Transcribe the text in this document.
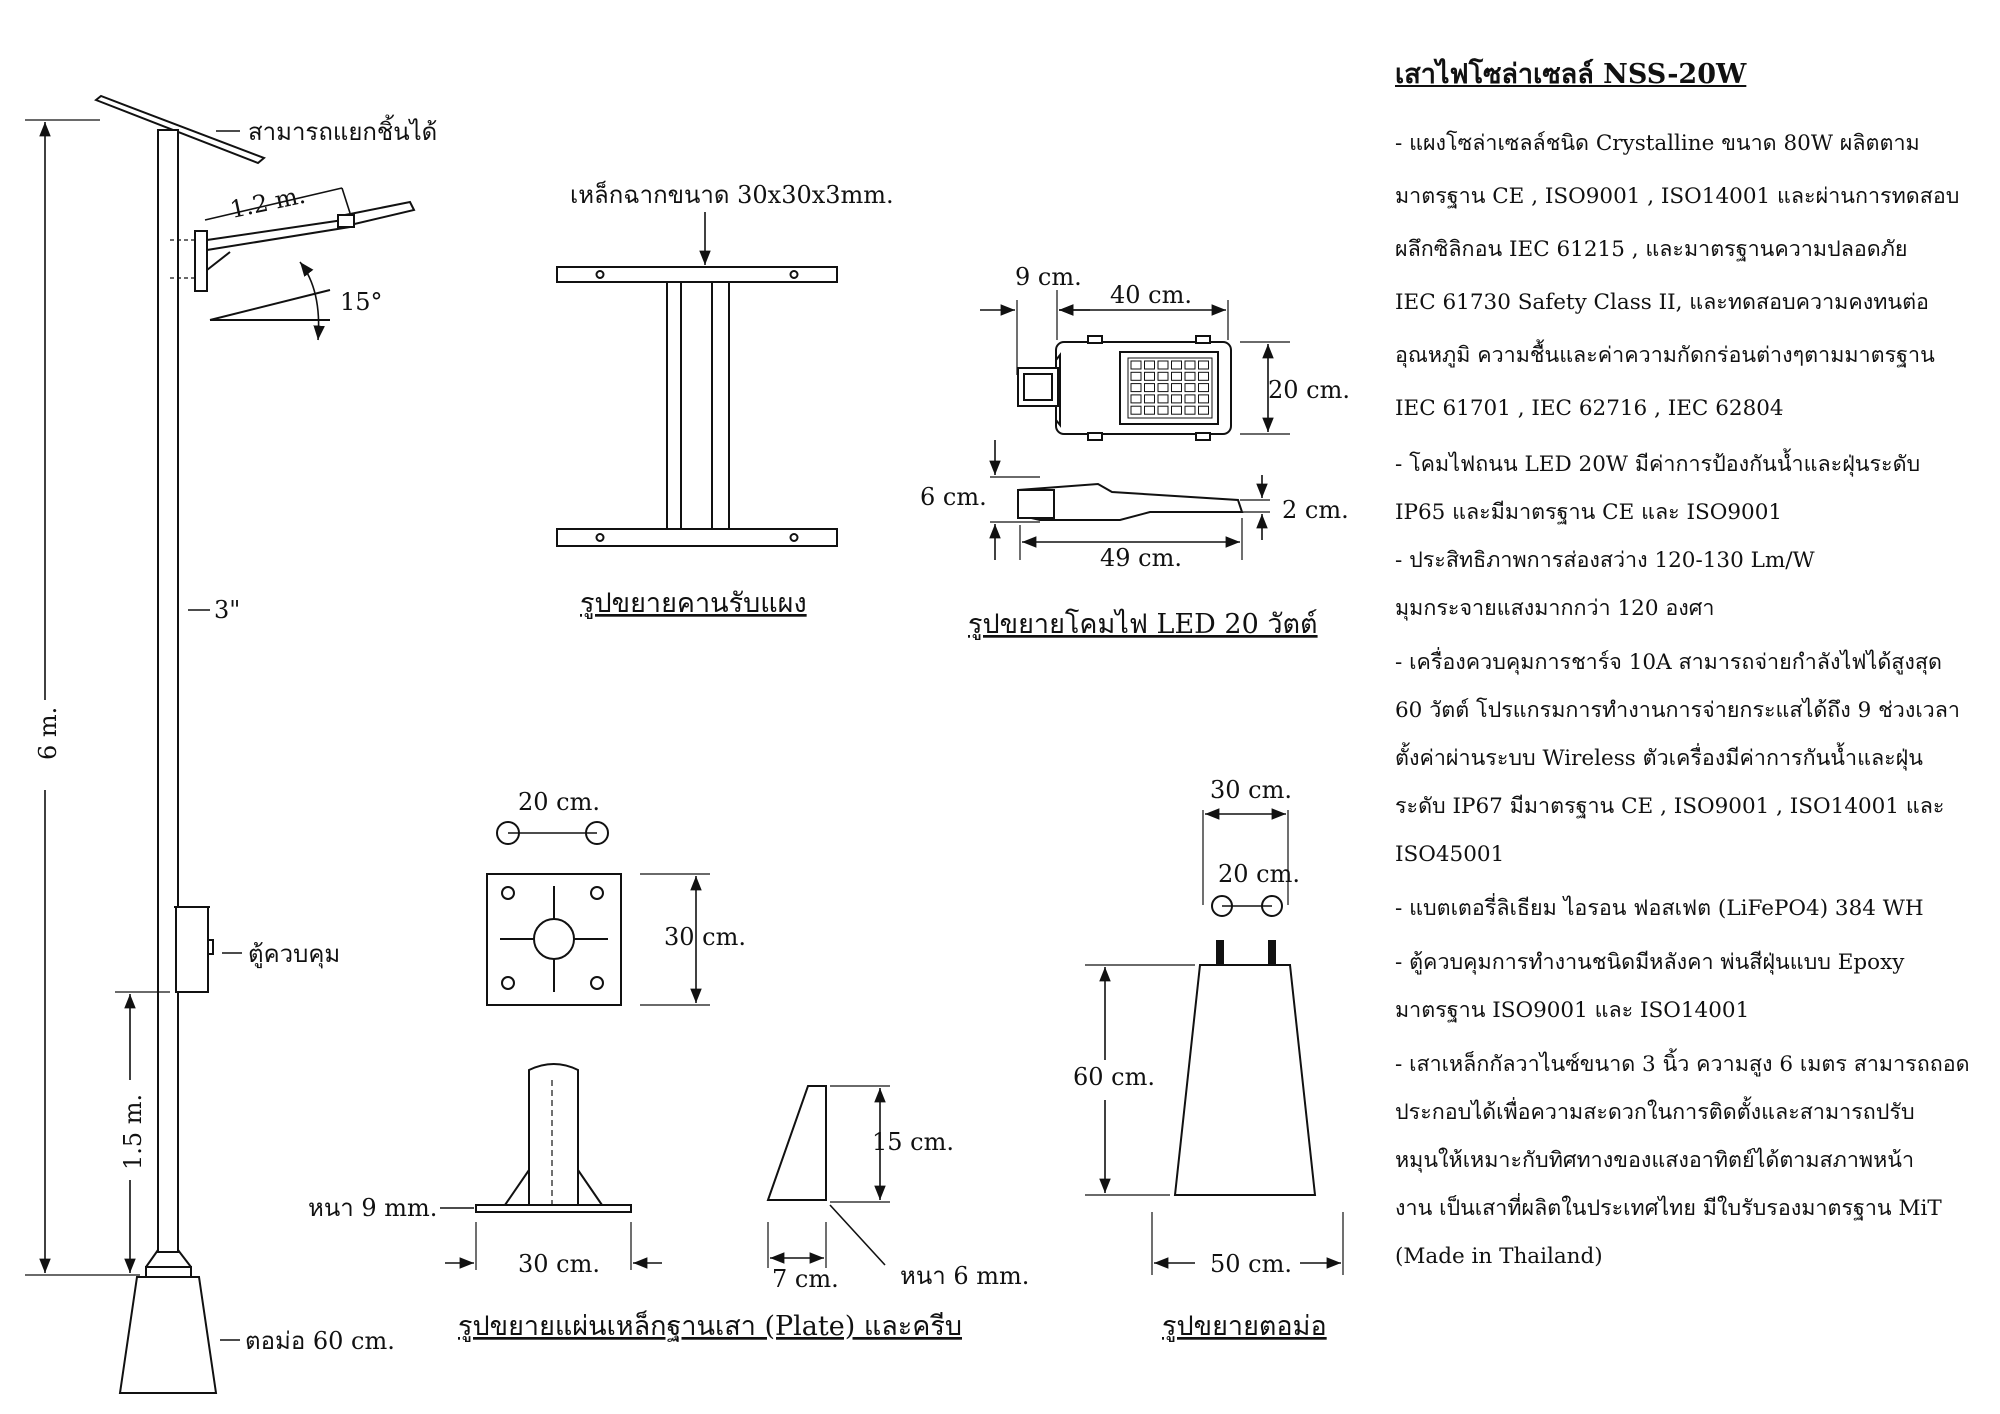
1.2 m.
15°
สามารถแยกชิ้นได้
3"
6 m.
ตู้ควบคุม
1.5 m.
ตอม่อ 60 cm.
เหล็กฉากขนาด 30x30x3mm.
รูปขยายคานรับแผง
9 cm.
40 cm.
20 cm.
6 cm.	2 cm.
49 cm.
รูปขยายโคมไฟ LED 20 วัตต์
20 cm.
30 cm.
หนา 9 mm.
30 cm.
15 cm.
7 cm.	หนา 6 mm.
รูปขยายแผ่นเหล็กฐานเสา (Plate) และครีบ
30 cm.
20 cm.
60 cm.
50 cm.
รูปขยายตอม่อ
เสาไฟโซล่าเซลล์ NSS-20W
- แผงโซล่าเซลล์ชนิด Crystalline ขนาด 80W ผลิตตาม
มาตรฐาน CE , ISO9001 , ISO14001 และผ่านการทดสอบ
ผลึกซิลิกอน IEC 61215 , และมาตรฐานความปลอดภัย
IEC 61730 Safety Class II, และทดสอบความคงทนต่อ
อุณหภูมิ ความชื้นและค่าความกัดกร่อนต่างๆตามมาตรฐาน
IEC 61701 , IEC 62716 , IEC 62804
- โคมไฟถนน LED 20W มีค่าการป้องกันน้ำและฝุ่นระดับ
IP65 และมีมาตรฐาน CE และ ISO9001
- ประสิทธิภาพการส่องสว่าง 120-130 Lm/W
มุมกระจายแสงมากกว่า 120 องศา
- เครื่องควบคุมการชาร์จ 10A สามารถจ่ายกำลังไฟได้สูงสุด
60 วัตต์ โปรแกรมการทำงานการจ่ายกระแสได้ถึง 9 ช่วงเวลา
ตั้งค่าผ่านระบบ Wireless ตัวเครื่องมีค่าการกันน้ำและฝุ่น
ระดับ IP67 มีมาตรฐาน CE , ISO9001 , ISO14001 และ
ISO45001
- แบตเตอรี่ลิเธียม ไอรอน ฟอสเฟต (LiFePO4) 384 WH
- ตู้ควบคุมการทำงานชนิดมีหลังคา พ่นสีฝุ่นแบบ Epoxy
มาตรฐาน ISO9001 และ ISO14001
- เสาเหล็กกัลวาไนซ์ขนาด 3 นิ้ว ความสูง 6 เมตร สามารถถอด
ประกอบได้เพื่อความสะดวกในการติดตั้งและสามารถปรับ
หมุนให้เหมาะกับทิศทางของแสงอาทิตย์ได้ตามสภาพหน้า
งาน เป็นเสาที่ผลิตในประเทศไทย มีใบรับรองมาตรฐาน MiT
(Made in Thailand)
